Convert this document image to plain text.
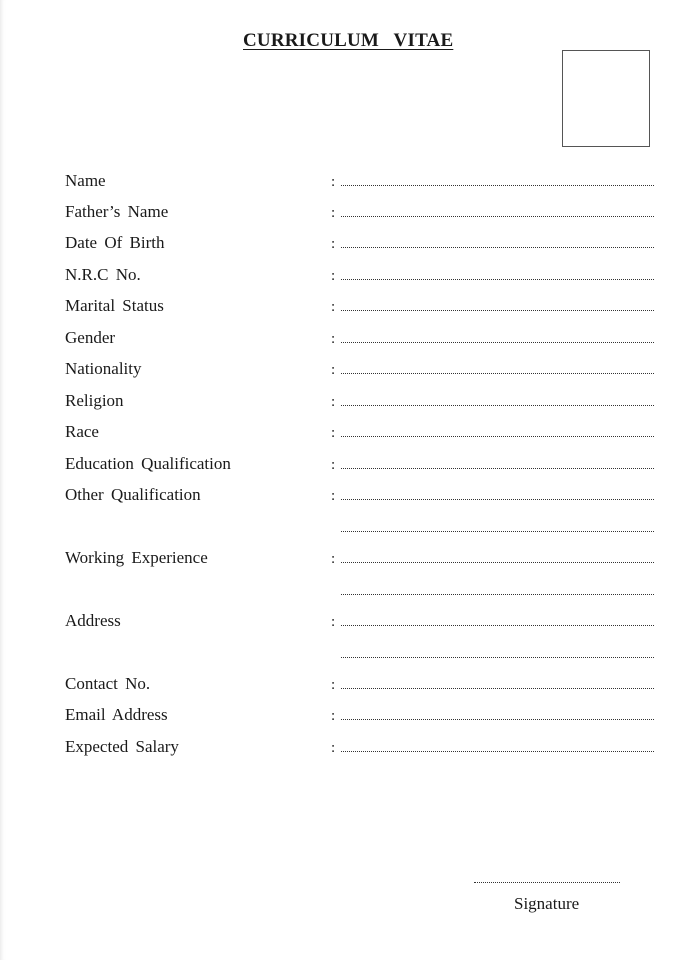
CURRICULUM   VITAE
Name	:
Father’s Name	:
Date Of Birth	:
N.R.C No.	:
Marital Status	:
Gender	:
Nationality	:
Religion	:
Race	:
Education Qualification	:
Other Qualification	:
Working Experience	:
Address	:
Contact No.	:
Email Address	:
Expected Salary	:
Signature
